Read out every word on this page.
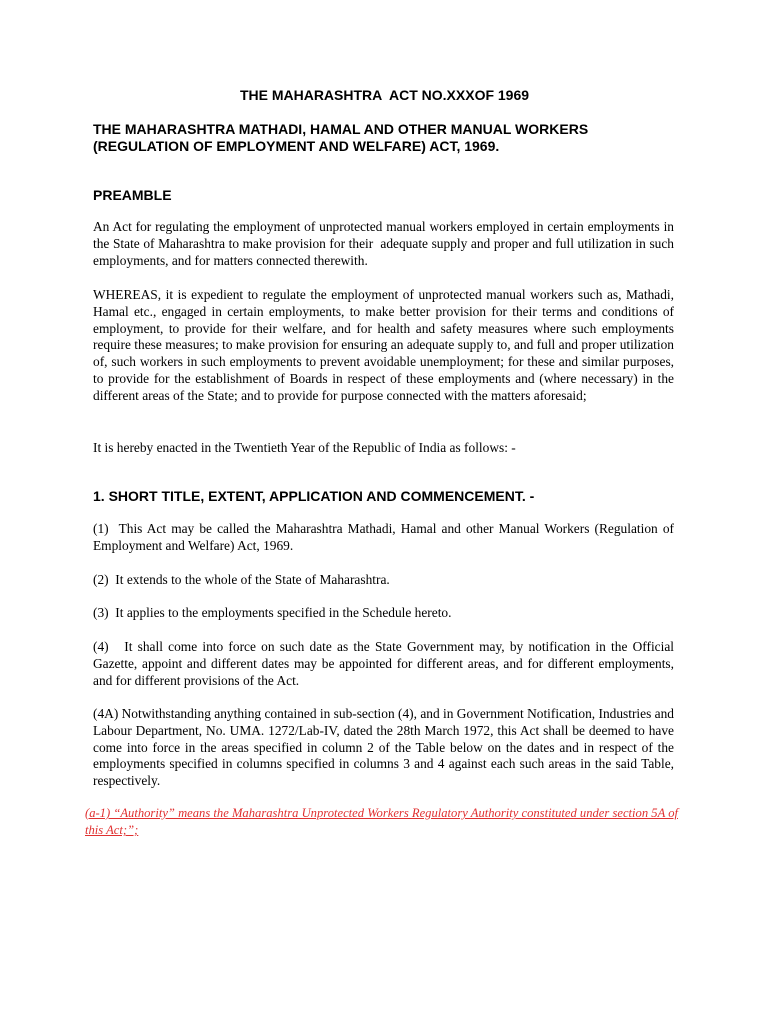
THE MAHARASHTRA  ACT NO.XXXOF 1969
THE MAHARASHTRA MATHADI, HAMAL AND OTHER MANUAL WORKERS (REGULATION OF EMPLOYMENT AND WELFARE) ACT, 1969.
PREAMBLE

An Act for regulating the employment of unprotected manual workers employed in certain employments in the State of Maharashtra to make provision for their  adequate supply and proper and full utilization in such employments, and for matters connected therewith.

WHEREAS, it is expedient to regulate the employment of unprotected manual workers such as, Mathadi, Hamal etc., engaged in certain employments, to make better provision for their terms and conditions of employment, to provide for their welfare, and for health and safety measures where such employments require these measures; to make provision for ensuring an adequate supply to, and full and proper utilization of, such workers in such employments to prevent avoidable unemployment; for these and similar purposes, to provide for the establishment of Boards in respect of these employments and (where necessary) in the different areas of the State; and to provide for purpose connected with the matters aforesaid;

It is hereby enacted in the Twentieth Year of the Republic of India as follows: -

1. SHORT TITLE, EXTENT, APPLICATION AND COMMENCEMENT. -

(1)  This Act may be called the Maharashtra Mathadi, Hamal and other Manual Workers (Regulation of Employment and Welfare) Act, 1969.

(2)  It extends to the whole of the State of Maharashtra.

(3)  It applies to the employments specified in the Schedule hereto.

(4)   It shall come into force on such date as the State Government may, by notification in the Official Gazette, appoint and different dates may be appointed for different areas, and for different employments, and for different provisions of the Act.

(4A) Notwithstanding anything contained in sub-section (4), and in Government Notification, Industries and Labour Department, No. UMA. 1272/Lab-IV, dated the 28th March 1972, this Act shall be deemed to have come into force in the areas specified in column 2 of the Table below on the dates and in respect of the employments specified in columns specified in columns 3 and 4 against each such areas in the said Table, respectively.

(a-1) “Authority” means the Maharashtra Unprotected Workers Regulatory Authority constituted under section 5A of this Act;”;
